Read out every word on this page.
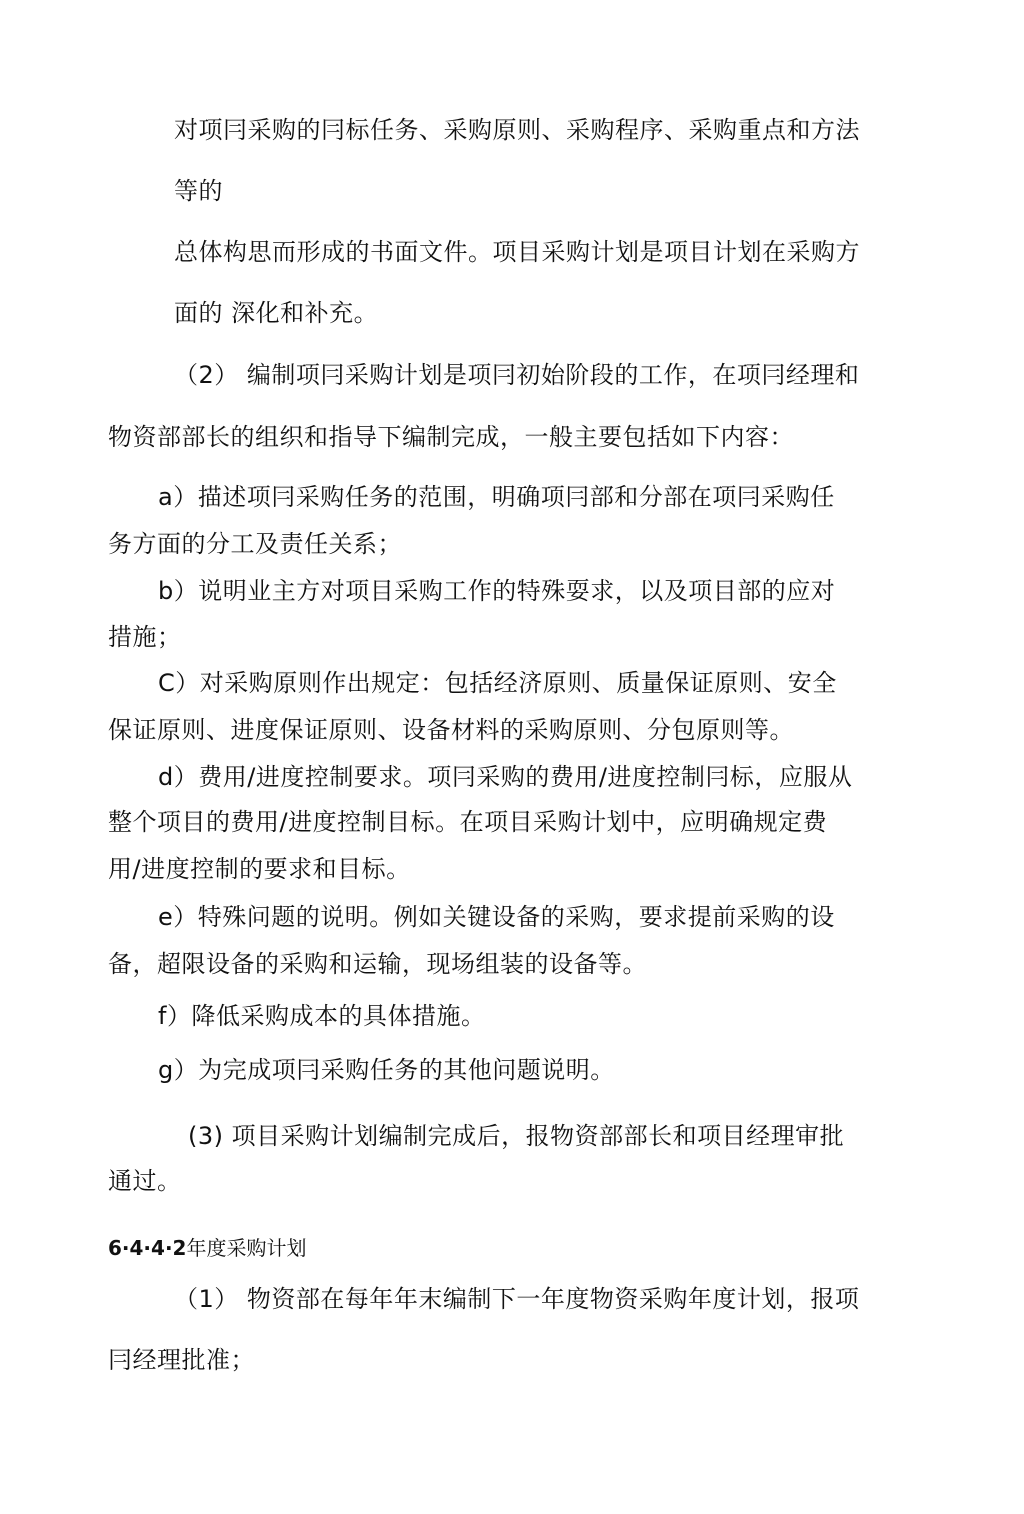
对项冃采购的冃标任务、采购原则、采购程序、采购重点和方法

等的

总体构思而形成的书面文件。项目采购计划是项目计划在采购方

面的 深化和补充。

（2） 编制项冃采购计划是项冃初始阶段的工作，在项冃经理和

物资部部长的组织和指导下编制完成，一般主要包括如下内容：

a）描述项冃采购任务的范围，明确项冃部和分部在项冃采购任

务方面的分工及责任关系；

b）说明业主方对项目采购工作的特殊耍求，以及项目部的应对

措施；

C）对采购原则作出规定：包括经济原则、质量保证原则、安全

保证原则、进度保证原则、设备材料的采购原则、分包原则等。

d）费用/进度控制要求。项冃采购的费用/进度控制冃标，应服从

整个项目的费用/进度控制目标。在项目采购计划中，应明确规定费

用/进度控制的要求和目标。

e）特殊问题的说明。例如关键设备的采购，要求提前采购的设

备，超限设备的采购和运输，现场组装的设备等。

f）降低采购成本的具体措施。

g）为完成项冃采购任务的其他问题说明。

(3) 项目采购计划编制完成后，报物资部部长和项目经理审批

通过。

6·4·4·2年度采购计划

（1） 物资部在每年年末编制下一年度物资采购年度计划，报项

冃经理批准；
